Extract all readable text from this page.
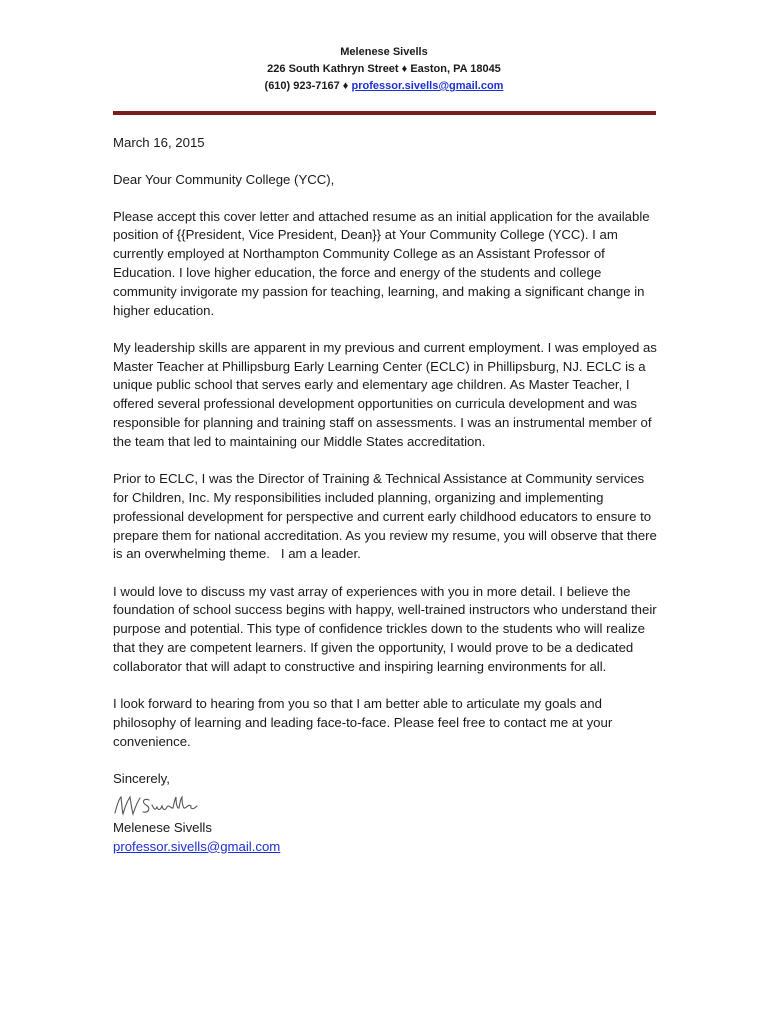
Melenese Sivells
226 South Kathryn Street ♦ Easton, PA 18045
(610) 923-7167 ♦ professor.sivells@gmail.com

March 16, 2015

Dear Your Community College (YCC),

Please accept this cover letter and attached resume as an initial application for the available position of {{President, Vice President, Dean}} at Your Community College (YCC). I am currently employed at Northampton Community College as an Assistant Professor of Education. I love higher education, the force and energy of the students and college community invigorate my passion for teaching, learning, and making a significant change in higher education.

My leadership skills are apparent in my previous and current employment. I was employed as Master Teacher at Phillipsburg Early Learning Center (ECLC) in Phillipsburg, NJ. ECLC is a unique public school that serves early and elementary age children. As Master Teacher, I offered several professional development opportunities on curricula development and was responsible for planning and training staff on assessments. I was an instrumental member of the team that led to maintaining our Middle States accreditation.

Prior to ECLC, I was the Director of Training & Technical Assistance at Community services for Children, Inc. My responsibilities included planning, organizing and implementing professional development for perspective and current early childhood educators to ensure to prepare them for national accreditation. As you review my resume, you will observe that there is an overwhelming theme.   I am a leader.

I would love to discuss my vast array of experiences with you in more detail. I believe the foundation of school success begins with happy, well-trained instructors who understand their purpose and potential. This type of confidence trickles down to the students who will realize that they are competent learners. If given the opportunity, I would prove to be a dedicated collaborator that will adapt to constructive and inspiring learning environments for all.

I look forward to hearing from you so that I am better able to articulate my goals and philosophy of learning and leading face-to-face. Please feel free to contact me at your convenience.

Sincerely,

Melenese Sivells

professor.sivells@gmail.com
